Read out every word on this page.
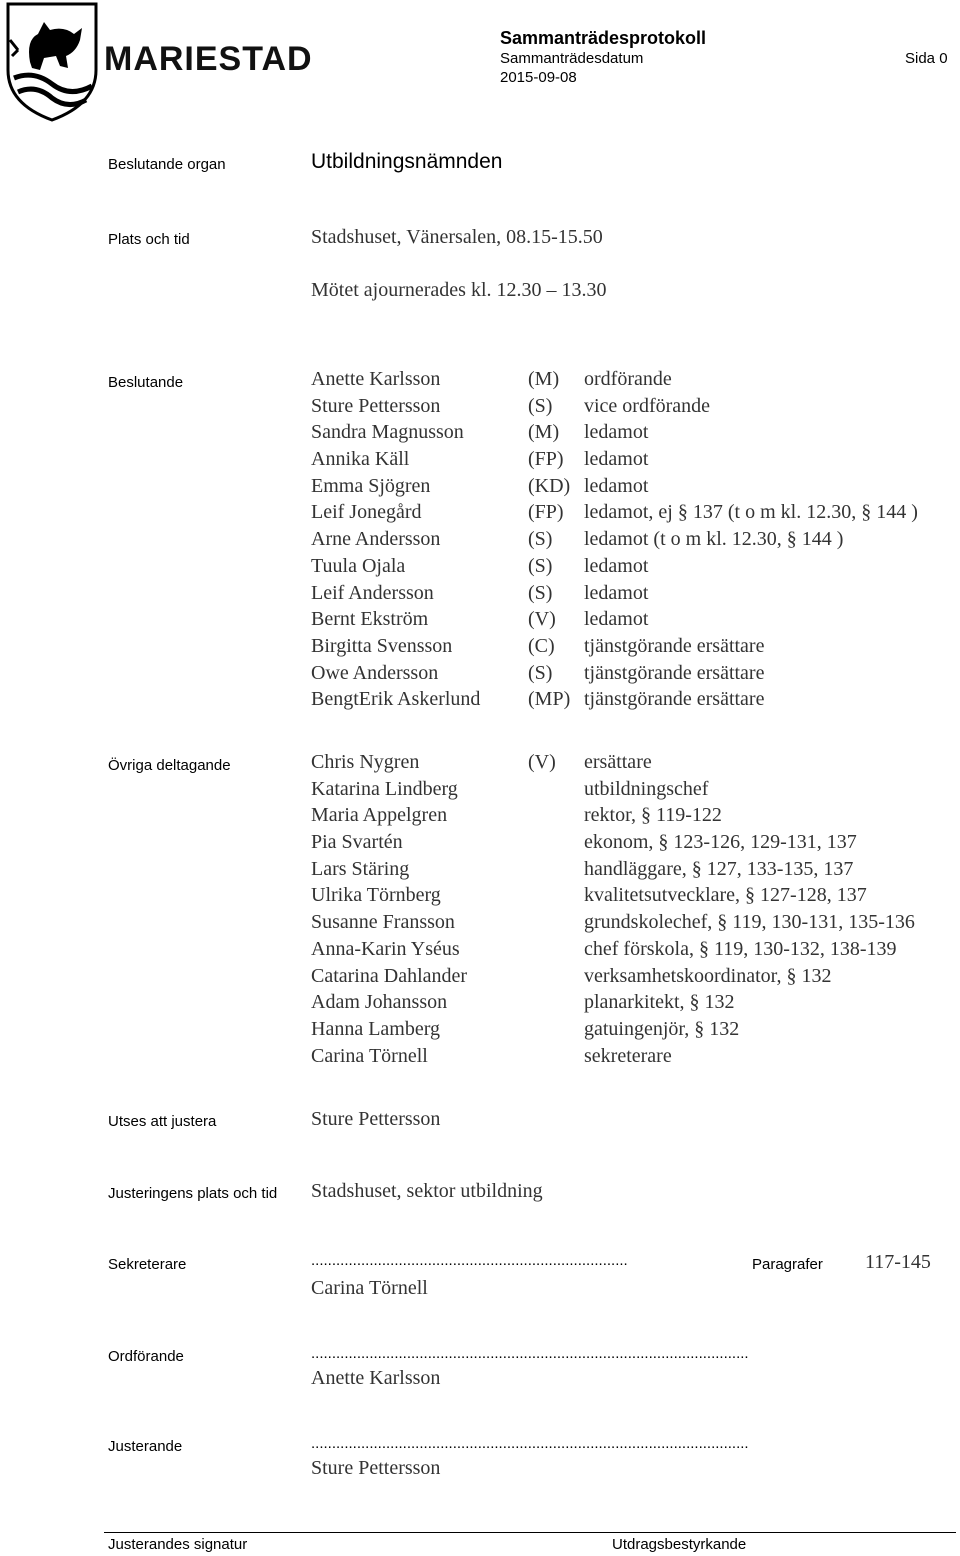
MARIESTAD
Sammanträdesprotokoll
Sammanträdesdatum	Sida 0
2015-09-08
Beslutande organ	Utbildningsnämnden
Plats och tid	Stadshuset, Vänersalen, 08.15-15.50
Mötet ajournerades kl. 12.30 – 13.30
Beslutande	Anette Karlsson	(M) ordförande
Sture Pettersson	(S) vice ordförande
Sandra Magnusson	(M) ledamot
Annika Käll	(FP) ledamot
Emma Sjögren	(KD) ledamot
Leif Jonegård	(FP) ledamot, ej § 137 (t o m kl. 12.30, § 144 )
Arne Andersson	(S) ledamot (t o m kl. 12.30, § 144 )
Tuula Ojala	(S) ledamot
Leif Andersson	(S) ledamot
Bernt Ekström	(V) ledamot
Birgitta Svensson	(C) tjänstgörande ersättare
Owe Andersson	(S) tjänstgörande ersättare
BengtErik Askerlund (MP) tjänstgörande ersättare
Övriga deltagande	Chris Nygren	(V) ersättare
Katarina Lindberg	utbildningschef
Maria Appelgren	rektor, § 119-122
Pia Svartén	ekonom, § 123-126, 129-131, 137
Lars Stäring	handläggare, § 127, 133-135, 137
Ulrika Törnberg	kvalitetsutvecklare, § 127-128, 137
Susanne Fransson	grundskolechef, § 119, 130-131, 135-136
Anna-Karin Yséus	chef förskola, § 119, 130-132, 138-139
Catarina Dahlander	verksamhetskoordinator, § 132
Adam Johansson	planarkitekt, § 132
Hanna Lamberg	gatuingenjör, § 132
Carina Törnell	sekreterare
Utses att justera	Sture Pettersson
Justeringens plats och tid Stadshuset, sektor utbildning
Sekreterare	............................................................................
Carina Törnell
Paragrafer 117-145
Ordförande	.........................................................................................................
Anette Karlsson
Justerande	.........................................................................................................
Sture Pettersson
Justerandes signatur	Utdragsbestyrkande
